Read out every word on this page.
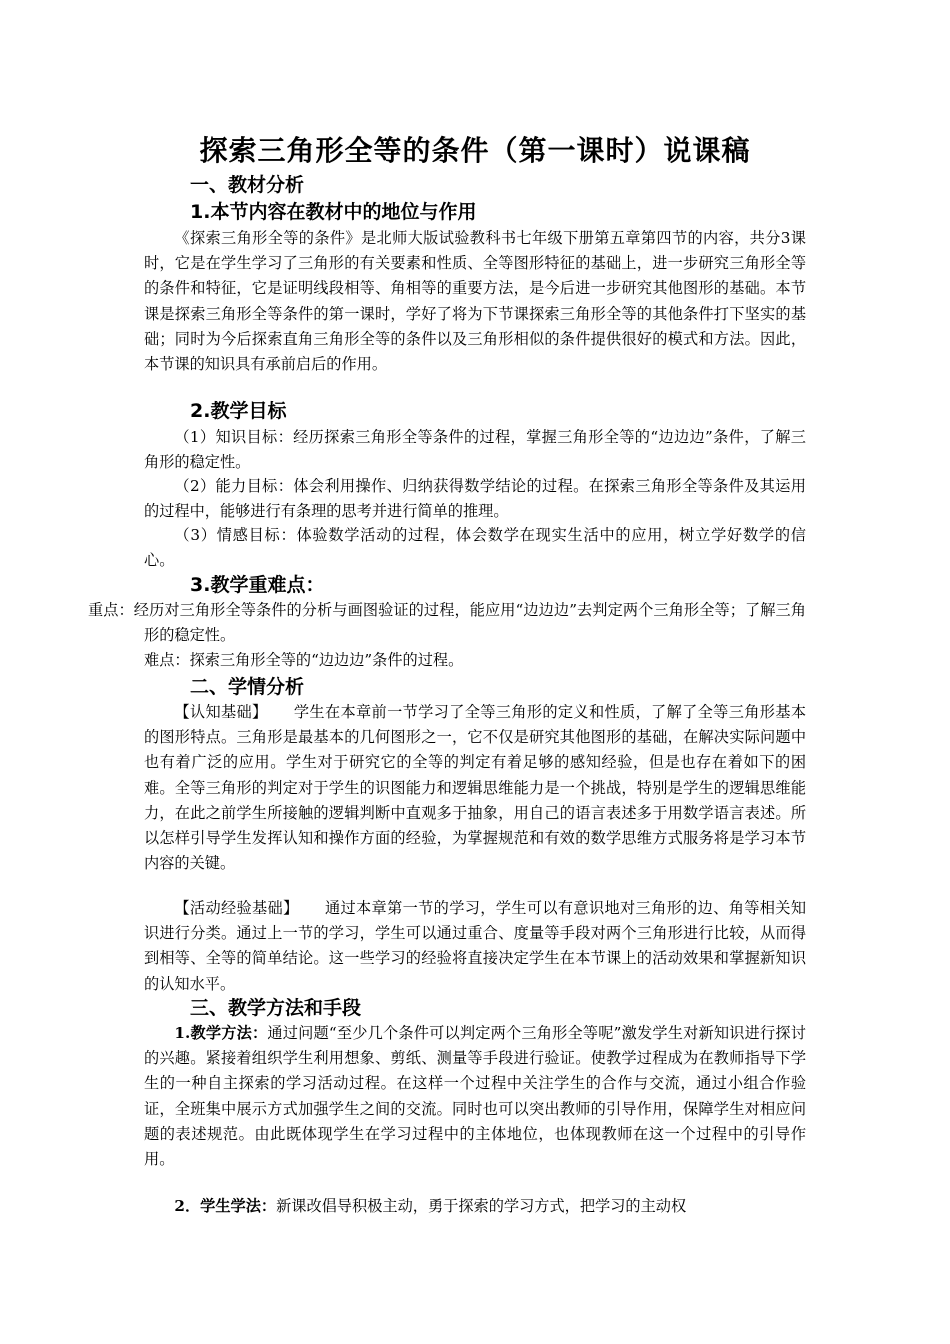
探索三角形全等的条件（第一课时）说课稿
一、教材分析
1.本节内容在教材中的地位与作用

《探索三角形全等的条件》是北师大版试验教科书七年级下册第五章第四节的内容，共分3课时，它是在学生学习了三角形的有关要素和性质、全等图形特征的基础上，进一步研究三角形全等的条件和特征，它是证明线段相等、角相等的重要方法，是今后进一步研究其他图形的基础。本节课是探索三角形全等条件的第一课时，学好了将为下节课探索三角形全等的其他条件打下坚实的基础；同时为今后探索直角三角形全等的条件以及三角形相似的条件提供很好的模式和方法。因此，本节课的知识具有承前启后的作用。

2.教学目标

（1）知识目标：经历探索三角形全等条件的过程，掌握三角形全等的“边边边”条件，了解三角形的稳定性。

（2）能力目标：体会利用操作、归纳获得数学结论的过程。在探索三角形全等条件及其运用的过程中，能够进行有条理的思考并进行简单的推理。

（3）情感目标：体验数学活动的过程，体会数学在现实生活中的应用，树立学好数学的信心。

3.教学重难点：

重点：经历对三角形全等条件的分析与画图验证的过程，能应用“边边边”去判定两个三角形全等；了解三角形的稳定性。

难点：探索三角形全等的“边边边”条件的过程。

二、学情分析

【认知基础】 学生在本章前一节学习了全等三角形的定义和性质，了解了全等三角形基本的图形特点。三角形是最基本的几何图形之一，它不仅是研究其他图形的基础，在解决实际问题中也有着广泛的应用。学生对于研究它的全等的判定有着足够的感知经验，但是也存在着如下的困难。全等三角形的判定对于学生的识图能力和逻辑思维能力是一个挑战，特别是学生的逻辑思维能力，在此之前学生所接触的逻辑判断中直观多于抽象，用自己的语言表述多于用数学语言表述。所以怎样引导学生发挥认知和操作方面的经验，为掌握规范和有效的数学思维方式服务将是学习本节内容的关键。

【活动经验基础】 通过本章第一节的学习，学生可以有意识地对三角形的边、角等相关知识进行分类。通过上一节的学习，学生可以通过重合、度量等手段对两个三角形进行比较，从而得到相等、全等的简单结论。这一些学习的经验将直接决定学生在本节课上的活动效果和掌握新知识的认知水平。

三、教学方法和手段

1.教学方法：通过问题“至少几个条件可以判定两个三角形全等呢”激发学生对新知识进行探讨的兴趣。紧接着组织学生利用想象、剪纸、测量等手段进行验证。使教学过程成为在教师指导下学生的一种自主探索的学习活动过程。在这样一个过程中关注学生的合作与交流，通过小组合作验证，全班集中展示方式加强学生之间的交流。同时也可以突出教师的引导作用，保障学生对相应问题的表述规范。由此既体现学生在学习过程中的主体地位，也体现教师在这一个过程中的引导作用。

2．学生学法：新课改倡导积极主动，勇于探索的学习方式，把学习的主动权
